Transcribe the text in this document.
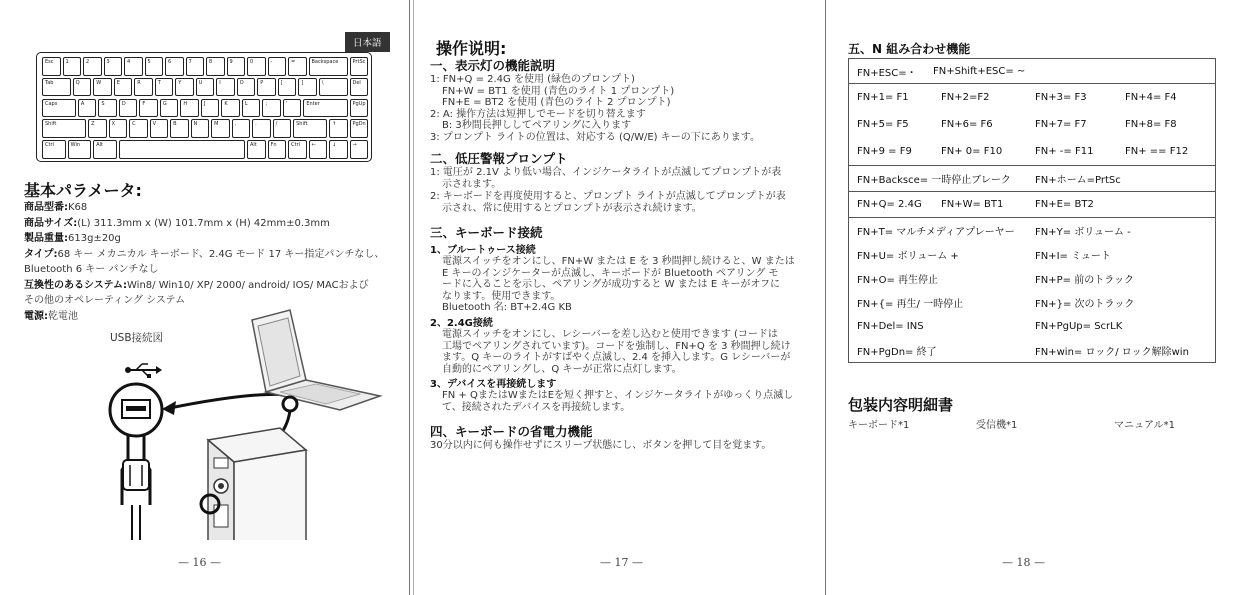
日本語
Esc	1	2	3	4	5	6	7	8	9	0	-	=	Backspace	PrtSc
Tab	Q	W	E	R	T	Y	U	I	O	P	[	]	\	Del
Caps	A	S	D	F	G	H	J	K	L	;	'	Enter	PgUp
Shift	Z	X	C	V	B	N	M	,	.	/	Shift	↑	PgDn
Ctrl	Win	Alt	Alt	Fn	Ctrl	←	↓	→
基本パラメータ:
商品型番:K68
商品サイズ:(L) 311.3mm x (W) 101.7mm x (H) 42mm±0.3mm
製品重量:613g±20g
タイプ:68 キー メカニカル キーボード、2.4G モード 17 キー指定パンチなし、
Bluetooth 6 キー パンチなし
互換性のあるシステム:Win8/ Win10/ XP/ 2000/ android/ IOS/ MACおよび
その他のオペレーティング システム
電源:乾電池
USB接続図
— 16 —
操作说明:
一、表示灯の機能説明
1: FN+Q = 2.4G を使用 (緑色のプロンプト)
FN+W = BT1 を使用 (青色のライト 1 プロンプト)
FN+E = BT2 を使用 (青色のライト 2 プロンプト)
2: A: 操作方法は短押しでモードを切り替えます
B: 3秒間長押ししてペアリングに入ります
3: プロンプト ライトの位置は、対応する (Q/W/E) キーの下にあります。
二、低圧警報プロンプト
1: 電圧が 2.1V より低い場合、インジケータライトが点滅してプロンプトが表
示されます。
2: キーボードを再度使用すると、プロンプト ライトが点滅してプロンプトが表
示され、常に使用するとプロンプトが表示され続けます。
三、キーボード接続
1、ブルートゥース接続
電源スイッチをオンにし、FN+W または E を 3 秒間押し続けると、W または
E キーのインジケーターが点滅し、キーボードが Bluetooth ペアリング モ
ードに入ることを示し、ペアリングが成功すると W または E キーがオフに
なります。使用できます。
Bluetooth 名: BT+2.4G KB
2、2.4G接続
電源スイッチをオンにし、レシーバーを差し込むと使用できます (コードは
工場でペアリングされています)。コードを強制し、FN+Q を 3 秒間押し続け
ます。Q キーのライトがすばやく点滅し、2.4 を挿入します。G レシーバーが
自動的にペアリングし、Q キーが正常に点灯します。
3、デバイスを再接続します
FN + QまたはWまたはEを短く押すと、インジケータライトがゆっくり点滅し
て、接続されたデバイスを再接続します。
四、キーボードの省電力機能
30分以内に何も操作せずにスリープ状態にし、ボタンを押して目を覚ます。
— 17 —
五、N 組み合わせ機能
FN+ESC=・ FN+Shift+ESC= ~
FN+1= F1	FN+2=F2	FN+3= F3	FN+4= F4
FN+5= F5	FN+6= F6	FN+7= F7	FN+8= F8
FN+9 = F9	FN+ 0= F10	FN+ -= F11	FN+ == F12
FN+Backsce= 一時停止ブレーク FN+ホーム=PrtSc
FN+Q= 2.4G FN+W= BT1	FN+E= BT2
FN+T= マルチメディアプレーヤー FN+Y= ボリューム -
FN+U= ボリューム +	FN+I= ミュート
FN+O= 再生停止	FN+P= 前のトラック
FN+{= 再生/ 一時停止	FN+}= 次のトラック
FN+Del= INS	FN+PgUp= ScrLK
FN+PgDn= 終了	FN+win= ロック/ ロック解除win
包装内容明細書
キーボード*1	受信機*1	マニュアル*1
— 18 —
